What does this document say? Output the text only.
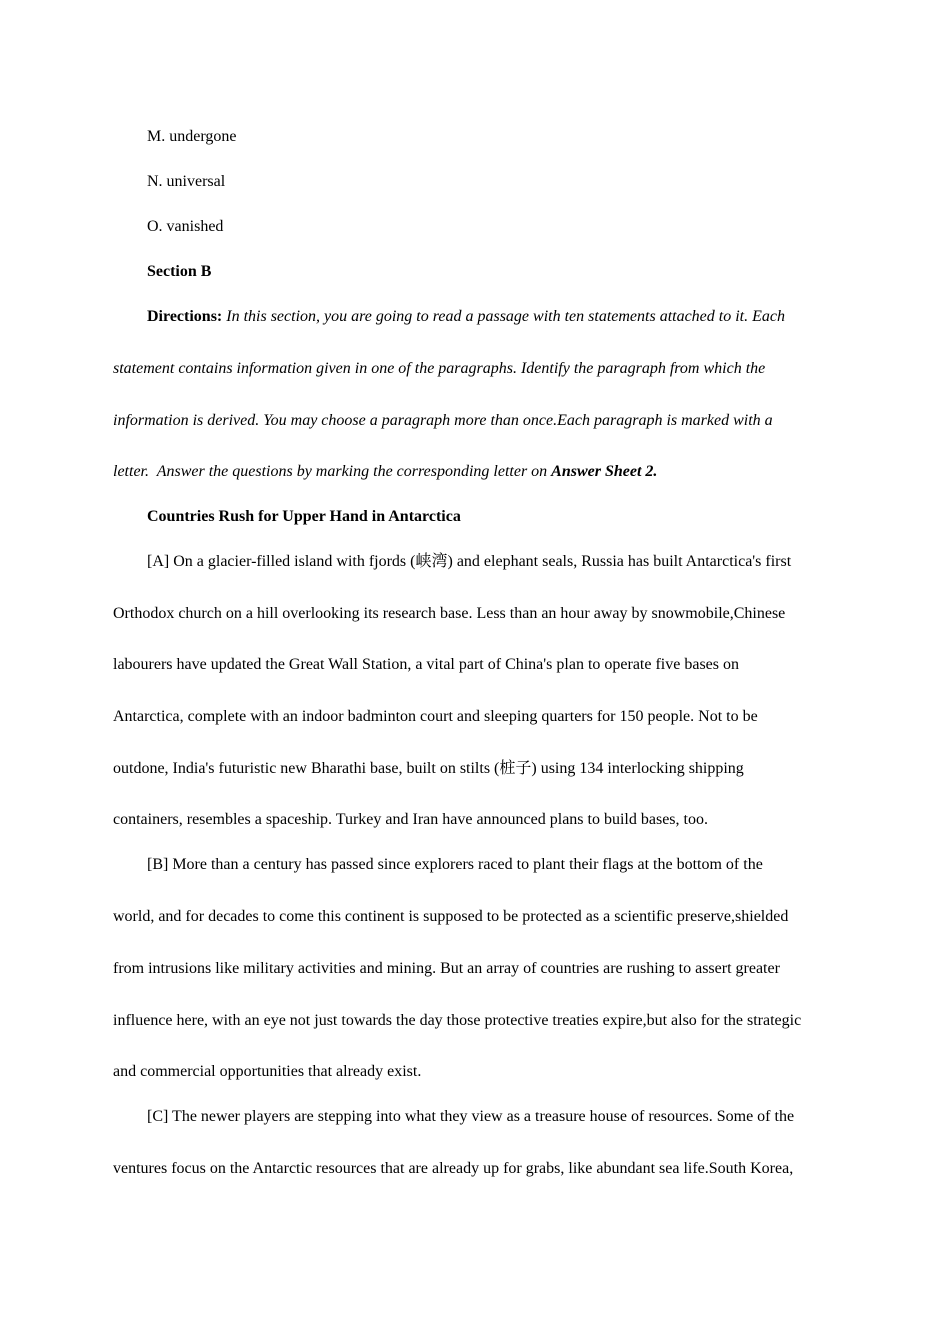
M. undergone
N. universal
O. vanished
Section B
Directions: In this section, you are going to read a passage with ten statements attached to it. Each
statement contains information given in one of the paragraphs. Identify the paragraph from which the
information is derived. You may choose a paragraph more than once.Each paragraph is marked with a
letter.  Answer the questions by marking the corresponding letter on Answer Sheet 2.
Countries Rush for Upper Hand in Antarctica
[A] On a glacier-filled island with fjords (峡湾) and elephant seals, Russia has built Antarctica's first
Orthodox church on a hill overlooking its research base. Less than an hour away by snowmobile,Chinese
labourers have updated the Great Wall Station, a vital part of China's plan to operate five bases on
Antarctica, complete with an indoor badminton court and sleeping quarters for 150 people. Not to be
outdone, India's futuristic new Bharathi base, built on stilts (桩子) using 134 interlocking shipping
containers, resembles a spaceship. Turkey and Iran have announced plans to build bases, too.
[B] More than a century has passed since explorers raced to plant their flags at the bottom of the
world, and for decades to come this continent is supposed to be protected as a scientific preserve,shielded
from intrusions like military activities and mining. But an array of countries are rushing to assert greater
influence here, with an eye not just towards the day those protective treaties expire,but also for the strategic
and commercial opportunities that already exist.
[C] The newer players are stepping into what they view as a treasure house of resources. Some of the
ventures focus on the Antarctic resources that are already up for grabs, like abundant sea life.South Korea,
